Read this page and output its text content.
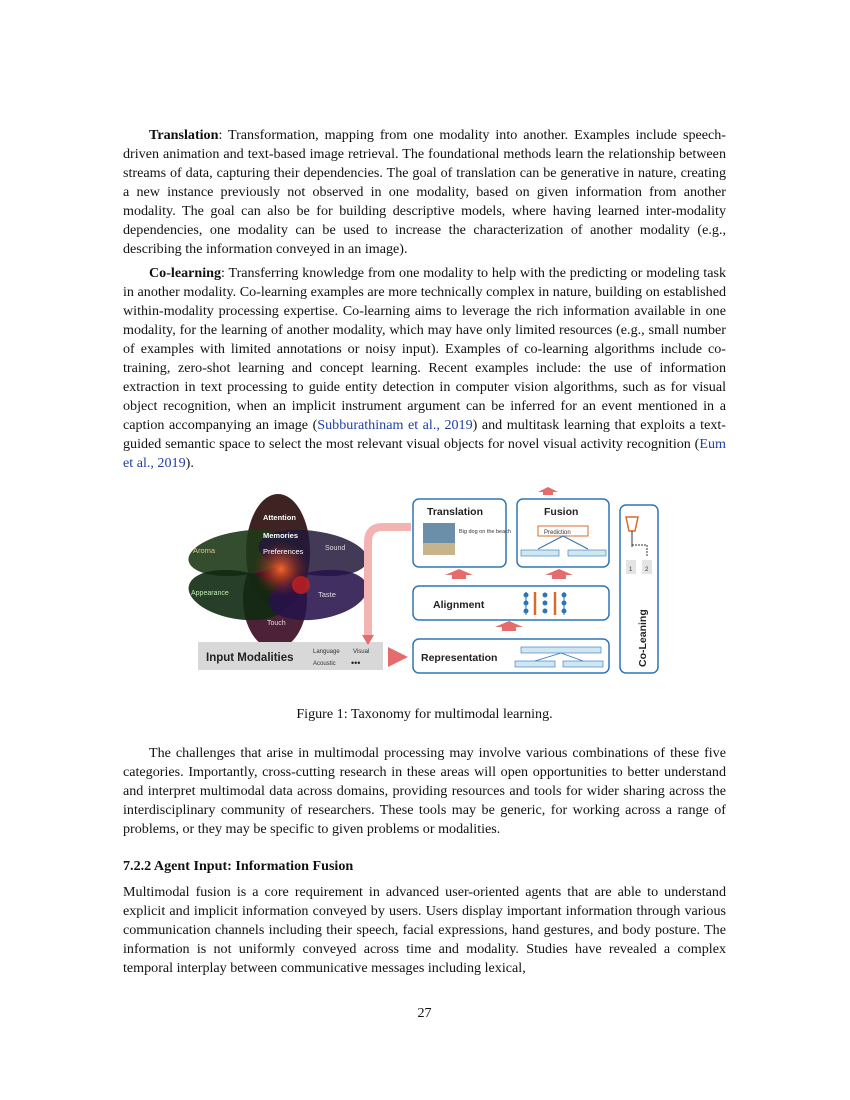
Translation: Transformation, mapping from one modality into another. Examples include speech-driven animation and text-based image retrieval. The foundational methods learn the relationship between streams of data, capturing their dependencies. The goal of translation can be generative in nature, creating a new instance previously not observed in one modality, based on given information from another modality. The goal can also be for building descriptive models, where having learned inter-modality dependencies, one modality can be used to increase the characterization of another modality (e.g., describing the information conveyed in an image).

Co-learning: Transferring knowledge from one modality to help with the predicting or modeling task in another modality. Co-learning examples are more technically complex in nature, building on established within-modality processing expertise. Co-learning aims to leverage the rich information available in one modality, for the learning of another modality, which may have only limited resources (e.g., small number of examples with limited annotations or noisy input). Examples of co-learning algorithms include co-training, zero-shot learning and concept learning. Recent examples include: the use of information extraction in text processing to guide entity detection in computer vision algorithms, such as for visual object recognition, when an implicit instrument argument can be inferred for an event mentioned in a caption accompanying an image (Subburathinam et al., 2019) and multitask learning that exploits a text-guided semantic space to select the most relevant visual objects for novel visual activity recognition (Eum et al., 2019).

Attention
Memories
Preferences
Aroma	Sound
Appearance	Taste
Touch
Input Modalities	Language
Acoustic
Visual
•••
Translation
Big dog on the beach
Fusion
Prediction
Alignment
Representation
1 2
Co-Leaning

Figure 1: Taxonomy for multimodal learning.

The challenges that arise in multimodal processing may involve various combinations of these five categories. Importantly, cross-cutting research in these areas will open opportunities to better understand and interpret multimodal data across domains, providing resources and tools for wider sharing across the interdisciplinary community of researchers. These tools may be generic, for working across a range of problems, or they may be specific to given problems or modalities.

7.2.2 Agent Input: Information Fusion

Multimodal fusion is a core requirement in advanced user-oriented agents that are able to understand explicit and implicit information conveyed by users. Users display important information through various communication channels including their speech, facial expressions, hand gestures, and body posture. The information is not uniformly conveyed across time and modality. Studies have revealed a complex temporal interplay between communicative messages including lexical,

27
